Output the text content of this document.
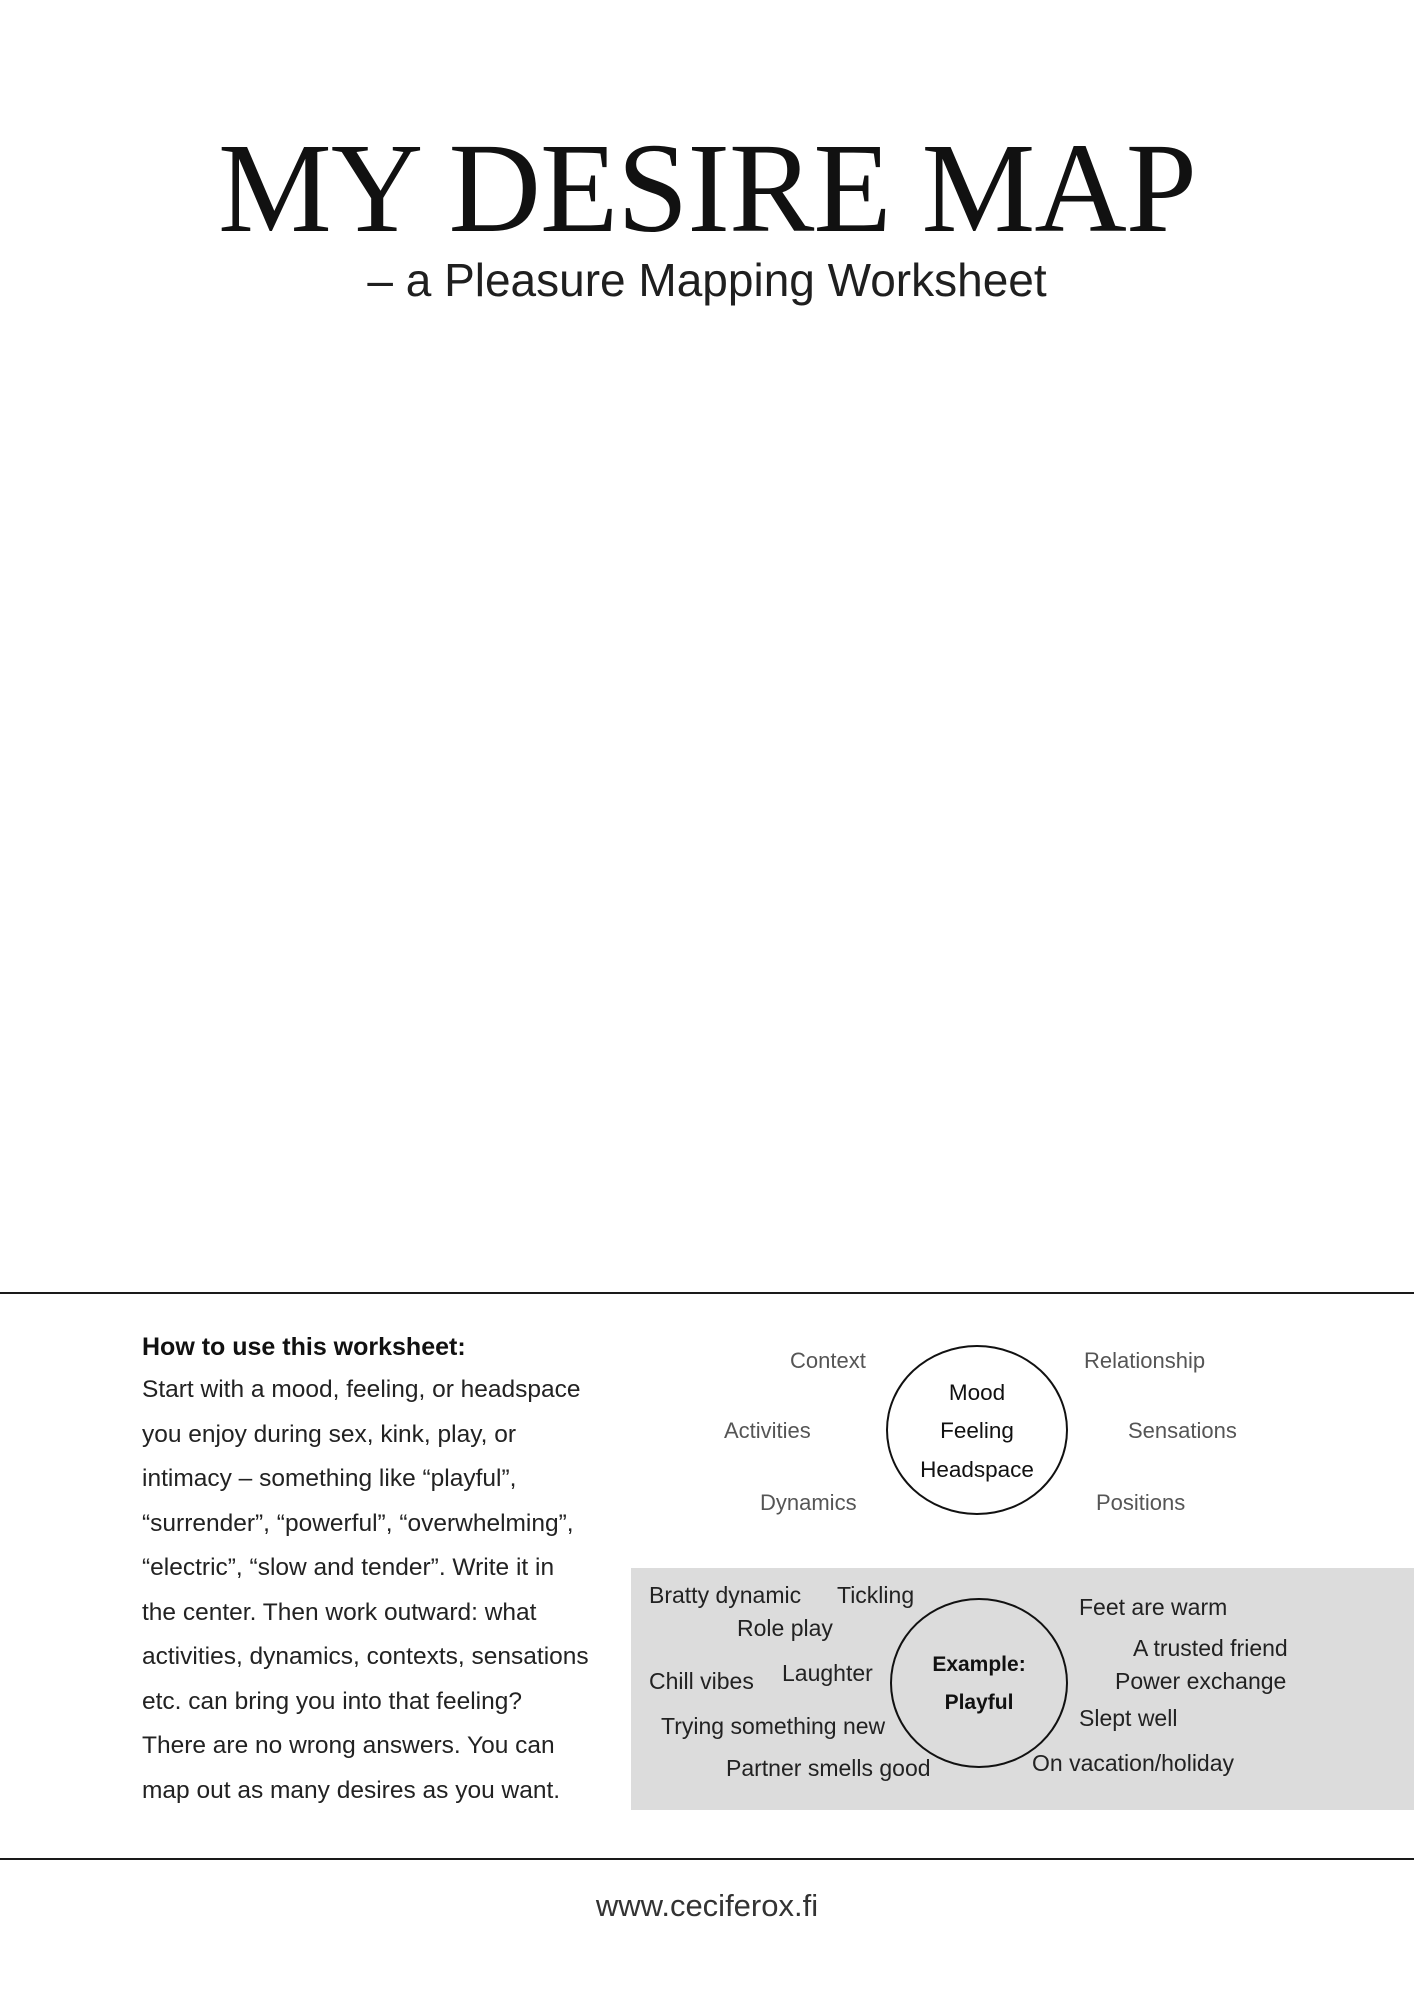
MY DESIRE MAP

– a Pleasure Mapping Worksheet

How to use this worksheet:

Start with a mood, feeling, or headspace
you enjoy during sex, kink, play, or
intimacy – something like “playful”,
“surrender”, “powerful”, “overwhelming”,
“electric”, “slow and tender”. Write it in
the center. Then work outward: what
activities, dynamics, contexts, sensations
etc. can bring you into that feeling?
There are no wrong answers. You can
map out as many desires as you want.
Context	Relationship
Activities	Sensations
Dynamics	Positions
Mood
Feeling
Headspace
Bratty dynamic Tickling
Role play
Chill vibes Laughter
Trying something new
Partner smells good
Feet are warm
A trusted friend
Power exchange
Slept well
On vacation/holiday
Example:
Playful

www.ceciferox.fi
